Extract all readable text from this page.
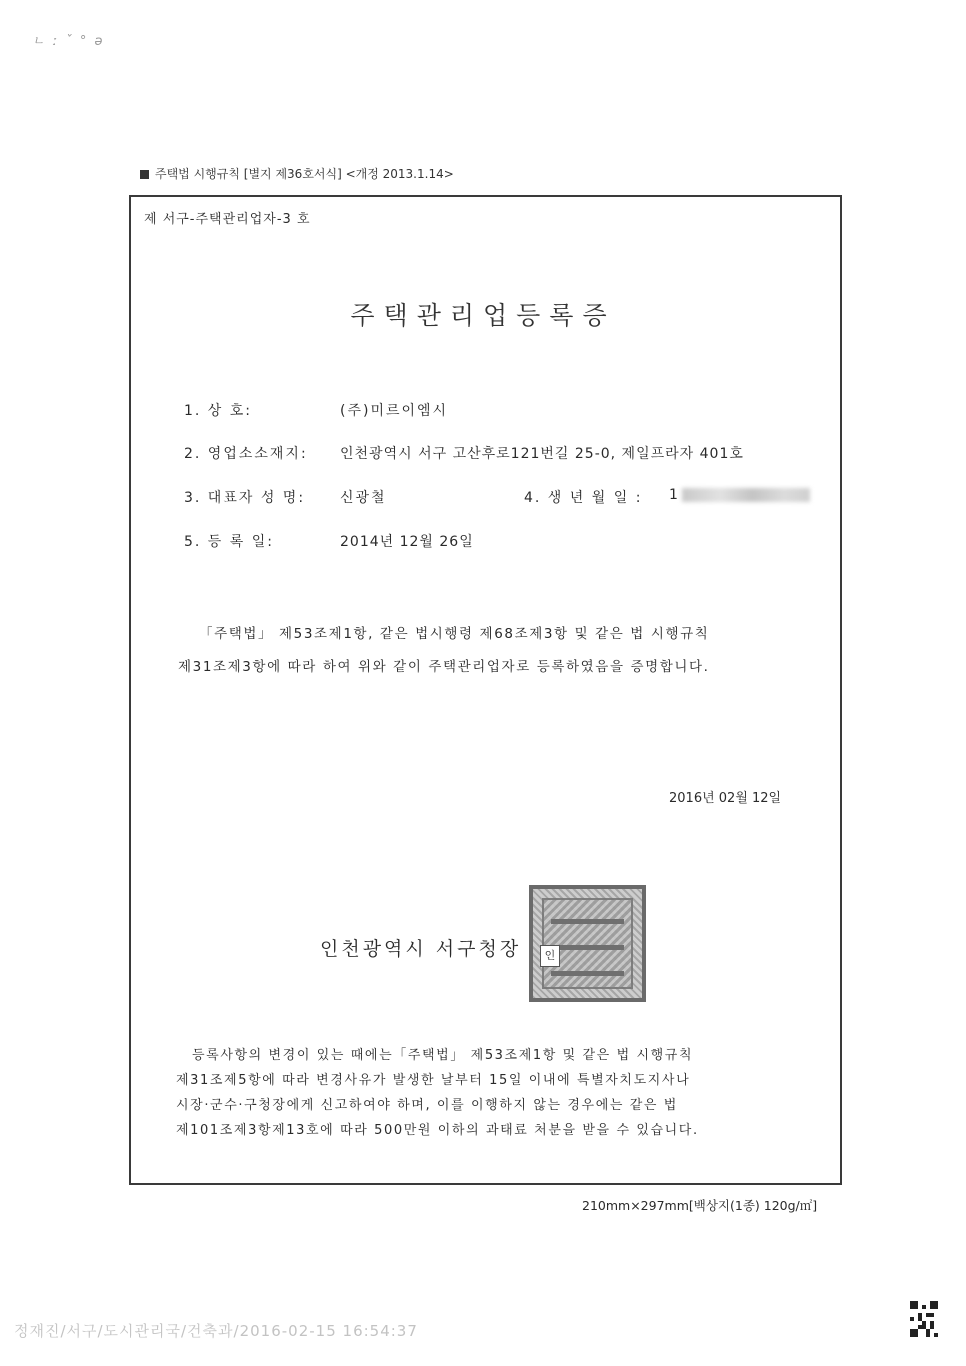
ㄴ ː ˇ ° ə
주택법 시행규칙 [별지 제36호서식] <개정 2013.1.14>
제 서구-주택관리업자-3 호
주택관리업등록증
1. 상 호:	(주)미르이엠시
2. 영업소소재지: 인천광역시 서구 고산후로121번길 25-0, 제일프라자 401호
3. 대표자 성 명: 신광철	4. 생 년 월 일 : 1
5. 등 록 일:	2014년 12월 26일
「주택법」 제53조제1항, 같은 법시행령 제68조제3항 및 같은 법 시행규칙
제31조제3항에 따라 하여 위와 같이 주택관리업자로 등록하였음을 증명합니다.
2016년 02월 12일
인천광역시 서구청장	인
등록사항의 변경이 있는 때에는「주택법」 제53조제1항 및 같은 법 시행규칙
제31조제5항에 따라 변경사유가 발생한 날부터 15일 이내에 특별자치도지사나
시장·군수·구청장에게 신고하여야 하며, 이를 이행하지 않는 경우에는 같은 법
제101조제3항제13호에 따라 500만원 이하의 과태료 처분을 받을 수 있습니다.
210mm×297mm[백상지(1종) 120g/㎡]
정재진/서구/도시관리국/건축과/2016-02-15 16:54:37
